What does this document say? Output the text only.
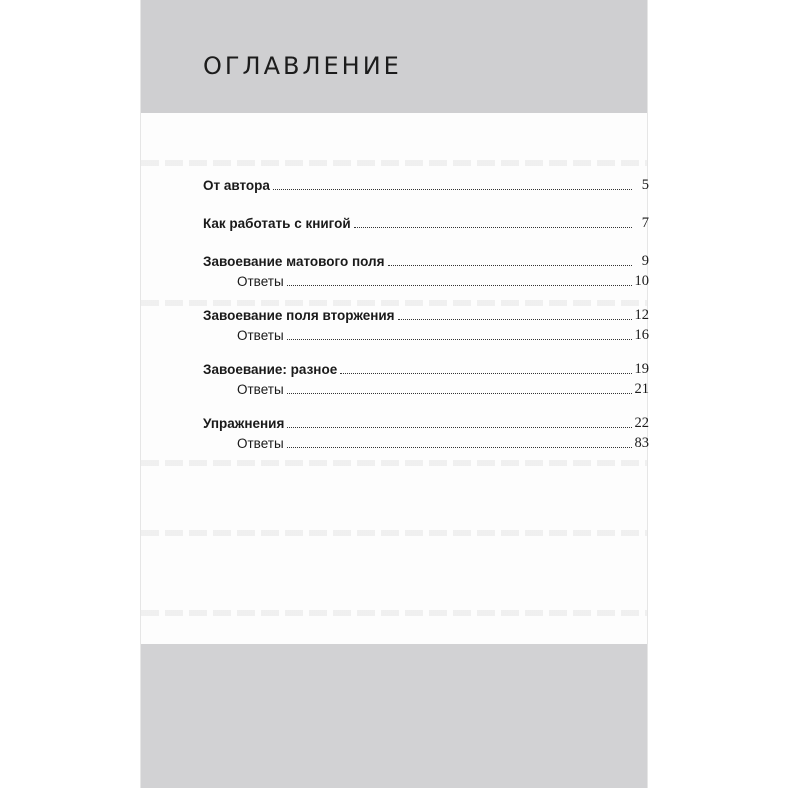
ОГЛАВЛЕНИЕ
От автора	5
Как работать с книгой	7
Завоевание матового поля	9
Ответы	10
Завоевание поля вторжения	12
Ответы	16
Завоевание: разное	19
Ответы	21
Упражнения	22
Ответы	83
